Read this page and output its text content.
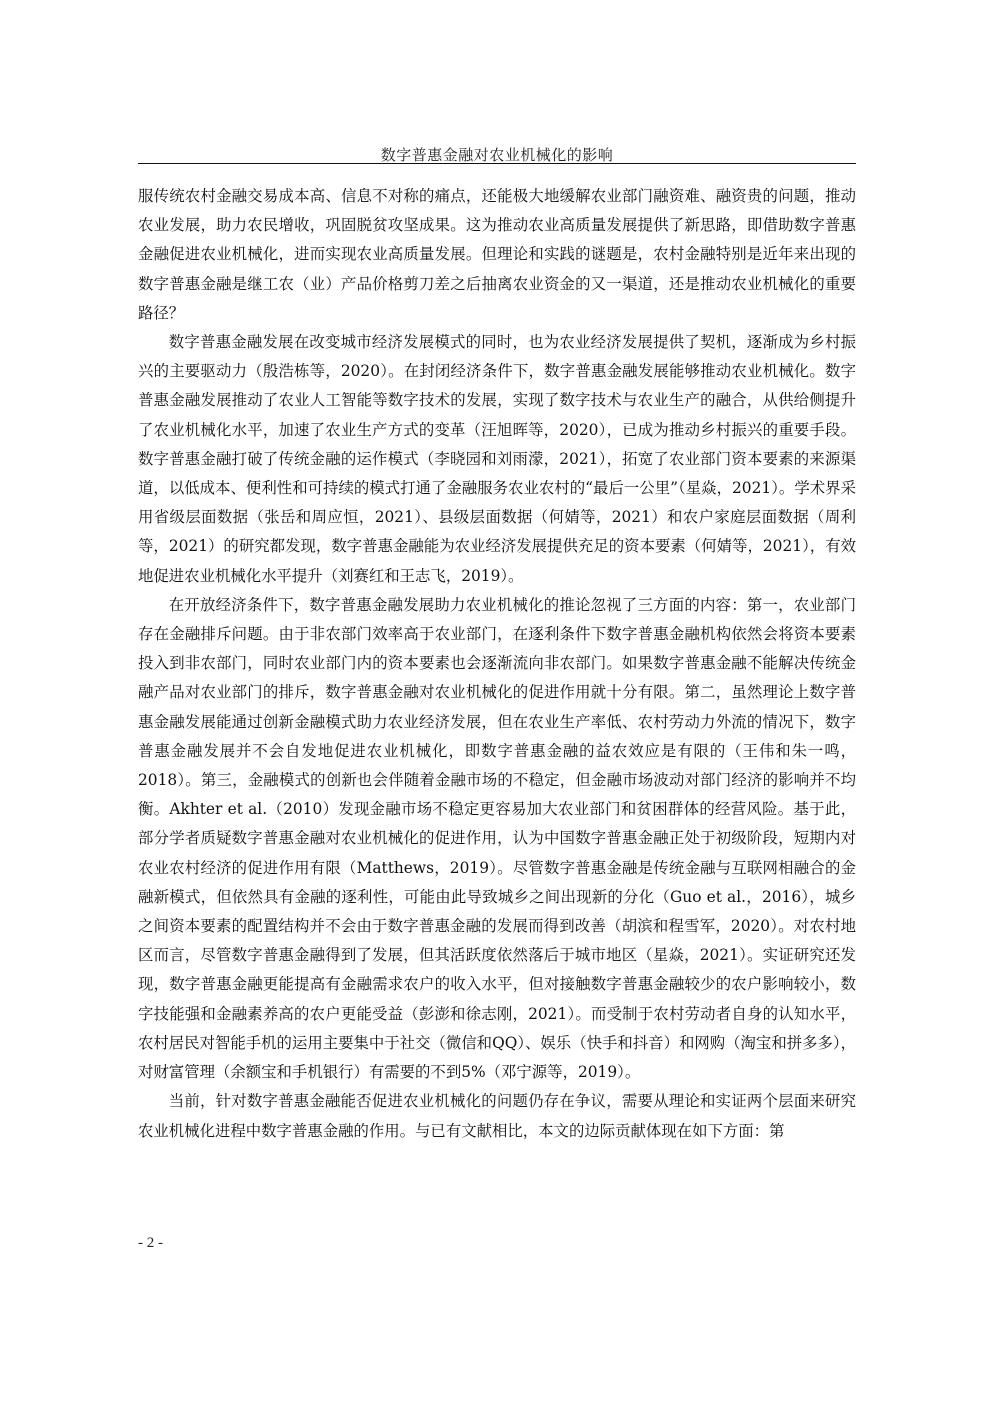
数字普惠金融对农业机械化的影响

服传统农村金融交易成本高、信息不对称的痛点，还能极大地缓解农业部门融资难、融资贵的问题，推动农业发展，助力农民增收，巩固脱贫攻坚成果。这为推动农业高质量发展提供了新思路，即借助数字普惠金融促进农业机械化，进而实现农业高质量发展。但理论和实践的谜题是，农村金融特别是近年来出现的数字普惠金融是继工农（业）产品价格剪刀差之后抽离农业资金的又一渠道，还是推动农业机械化的重要路径？

数字普惠金融发展在改变城市经济发展模式的同时，也为农业经济发展提供了契机，逐渐成为乡村振兴的主要驱动力（殷浩栋等，2020）。在封闭经济条件下，数字普惠金融发展能够推动农业机械化。数字普惠金融发展推动了农业人工智能等数字技术的发展，实现了数字技术与农业生产的融合，从供给侧提升了农业机械化水平，加速了农业生产方式的变革（汪旭晖等，2020），已成为推动乡村振兴的重要手段。数字普惠金融打破了传统金融的运作模式（李晓园和刘雨濛，2021），拓宽了农业部门资本要素的来源渠道，以低成本、便利性和可持续的模式打通了金融服务农业农村的“最后一公里”（星焱，2021）。学术界采用省级层面数据（张岳和周应恒，2021）、县级层面数据（何婧等，2021）和农户家庭层面数据（周利等，2021）的研究都发现，数字普惠金融能为农业经济发展提供充足的资本要素（何婧等，2021），有效地促进农业机械化水平提升（刘赛红和王志飞，2019）。

在开放经济条件下，数字普惠金融发展助力农业机械化的推论忽视了三方面的内容：第一，农业部门存在金融排斥问题。由于非农部门效率高于农业部门，在逐利条件下数字普惠金融机构依然会将资本要素投入到非农部门，同时农业部门内的资本要素也会逐渐流向非农部门。如果数字普惠金融不能解决传统金融产品对农业部门的排斥，数字普惠金融对农业机械化的促进作用就十分有限。第二，虽然理论上数字普惠金融发展能通过创新金融模式助力农业经济发展，但在农业生产率低、农村劳动力外流的情况下，数字普惠金融发展并不会自发地促进农业机械化，即数字普惠金融的益农效应是有限的（王伟和朱一鸣，2018）。第三，金融模式的创新也会伴随着金融市场的不稳定，但金融市场波动对部门经济的影响并不均衡。Akhter et al.（2010）发现金融市场不稳定更容易加大农业部门和贫困群体的经营风险。基于此，部分学者质疑数字普惠金融对农业机械化的促进作用，认为中国数字普惠金融正处于初级阶段，短期内对农业农村经济的促进作用有限（Matthews，2019）。尽管数字普惠金融是传统金融与互联网相融合的金融新模式，但依然具有金融的逐利性，可能由此导致城乡之间出现新的分化（Guo et al.，2016），城乡之间资本要素的配置结构并不会由于数字普惠金融的发展而得到改善（胡滨和程雪军，2020）。对农村地区而言，尽管数字普惠金融得到了发展，但其活跃度依然落后于城市地区（星焱，2021）。实证研究还发现，数字普惠金融更能提高有金融需求农户的收入水平，但对接触数字普惠金融较少的农户影响较小，数字技能强和金融素养高的农户更能受益（彭澎和徐志刚，2021）。而受制于农村劳动者自身的认知水平，农村居民对智能手机的运用主要集中于社交（微信和QQ）、娱乐（快手和抖音）和网购（淘宝和拼多多），对财富管理（余额宝和手机银行）有需要的不到5%（邓宁源等，2019）。

当前，针对数字普惠金融能否促进农业机械化的问题仍存在争议，需要从理论和实证两个层面来研究农业机械化进程中数字普惠金融的作用。与已有文献相比，本文的边际贡献体现在如下方面：第

- 2 -
